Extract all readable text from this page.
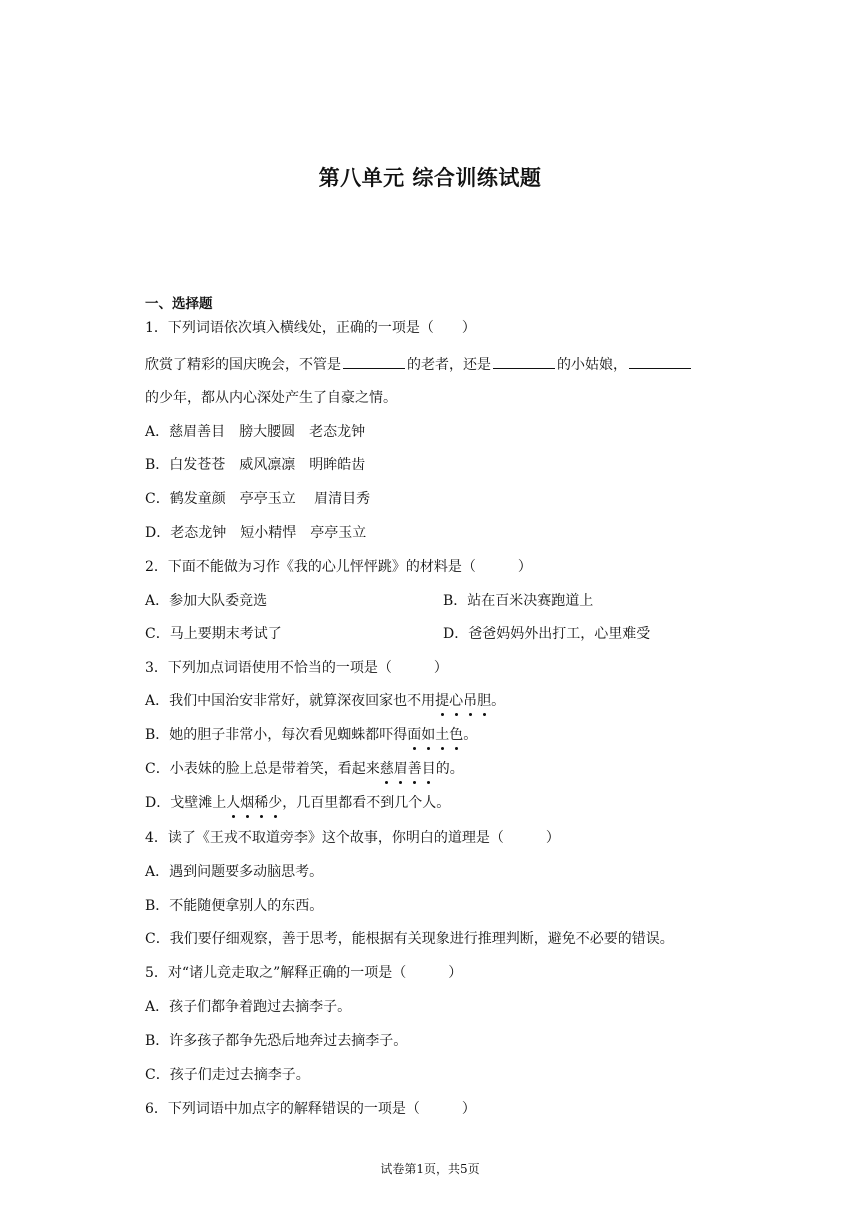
第八单元 综合训练试题
一、选择题
1．下列词语依次填入横线处，正确的一项是（　　）
欣赏了精彩的国庆晚会，不管是	的老者，还是	的小姑娘，
的少年，都从内心深处产生了自豪之情。
A．慈眉善目　膀大腰圆　老态龙钟
B．白发苍苍　威风凛凛　明眸皓齿
C．鹤发童颜　亭亭玉立　 眉清目秀
D．老态龙钟　短小精悍　亭亭玉立
2．下面不能做为习作《我的心儿怦怦跳》的材料是（　　　）
A．参加大队委竞选	B．站在百米决赛跑道上
C．马上要期末考试了	D．爸爸妈妈外出打工，心里难受
3．下列加点词语使用不恰当的一项是（　　　）
A．我们中国治安非常好，就算深夜回家也不用提心吊胆。
B．她的胆子非常小，每次看见蜘蛛都吓得面如土色。
C．小表妹的脸上总是带着笑，看起来慈眉善目的。
D．戈壁滩上人烟稀少，几百里都看不到几个人。
4．读了《王戎不取道旁李》这个故事，你明白的道理是（　　　）
A．遇到问题要多动脑思考。
B．不能随便拿别人的东西。
C．我们要仔细观察，善于思考，能根据有关现象进行推理判断，避免不必要的错误。
5．对“诸儿竞走取之”解释正确的一项是（　　　）
A．孩子们都争着跑过去摘李子。
B．许多孩子都争先恐后地奔过去摘李子。
C．孩子们走过去摘李子。
6．下列词语中加点字的解释错误的一项是（　　　）
试卷第1页，共5页
